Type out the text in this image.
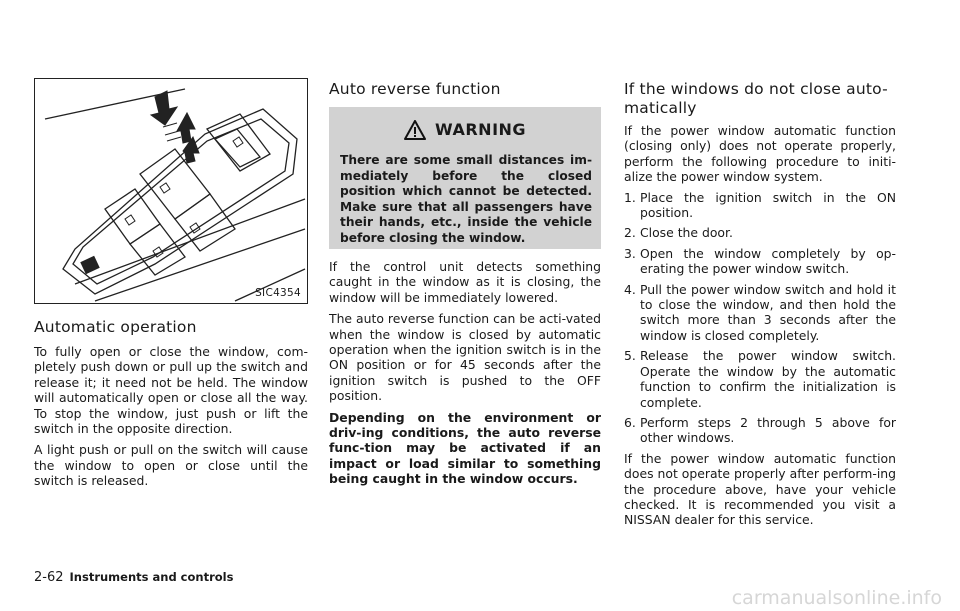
SIC4354
Automatic operation

To fully open or close the window, com-pletely push down or pull up the switch and release it; it need not be held. The window will automatically open or close all the way. To stop the window, just push or lift the switch in the opposite direction.

A light push or pull on the switch will cause the window to open or close until the switch is released.

Auto reverse function
WARNING
There are some small distances im-mediately before the closed position which cannot be detected. Make sure that all passengers have their hands, etc., inside the vehicle before closing the window.

If the control unit detects something caught in the window as it is closing, the window will be immediately lowered.

The auto reverse function can be acti-vated when the window is closed by automatic operation when the ignition switch is in the ON position or for 45 seconds after the ignition switch is pushed to the OFF position.

Depending on the environment or driv-ing conditions, the auto reverse func-tion may be activated if an impact or load similar to something being caught in the window occurs.

If the windows do not close auto-matically

If the power window automatic function (closing only) does not operate properly, perform the following procedure to initi-alize the power window system.

1. Place the ignition switch in the ON position.
2. Close the door.
3. Open the window completely by op-erating the power window switch.
4. Pull the power window switch and hold it to close the window, and then hold the switch more than 3 seconds after the window is closed completely.
5. Release the power window switch. Operate the window by the automatic function to confirm the initialization is complete.
6. Perform steps 2 through 5 above for other windows.

If the power window automatic function does not operate properly after perform-ing the procedure above, have your vehicle checked. It is recommended you visit a NISSAN dealer for this service.

2-62 Instruments and controls
carmanualsonline.info
